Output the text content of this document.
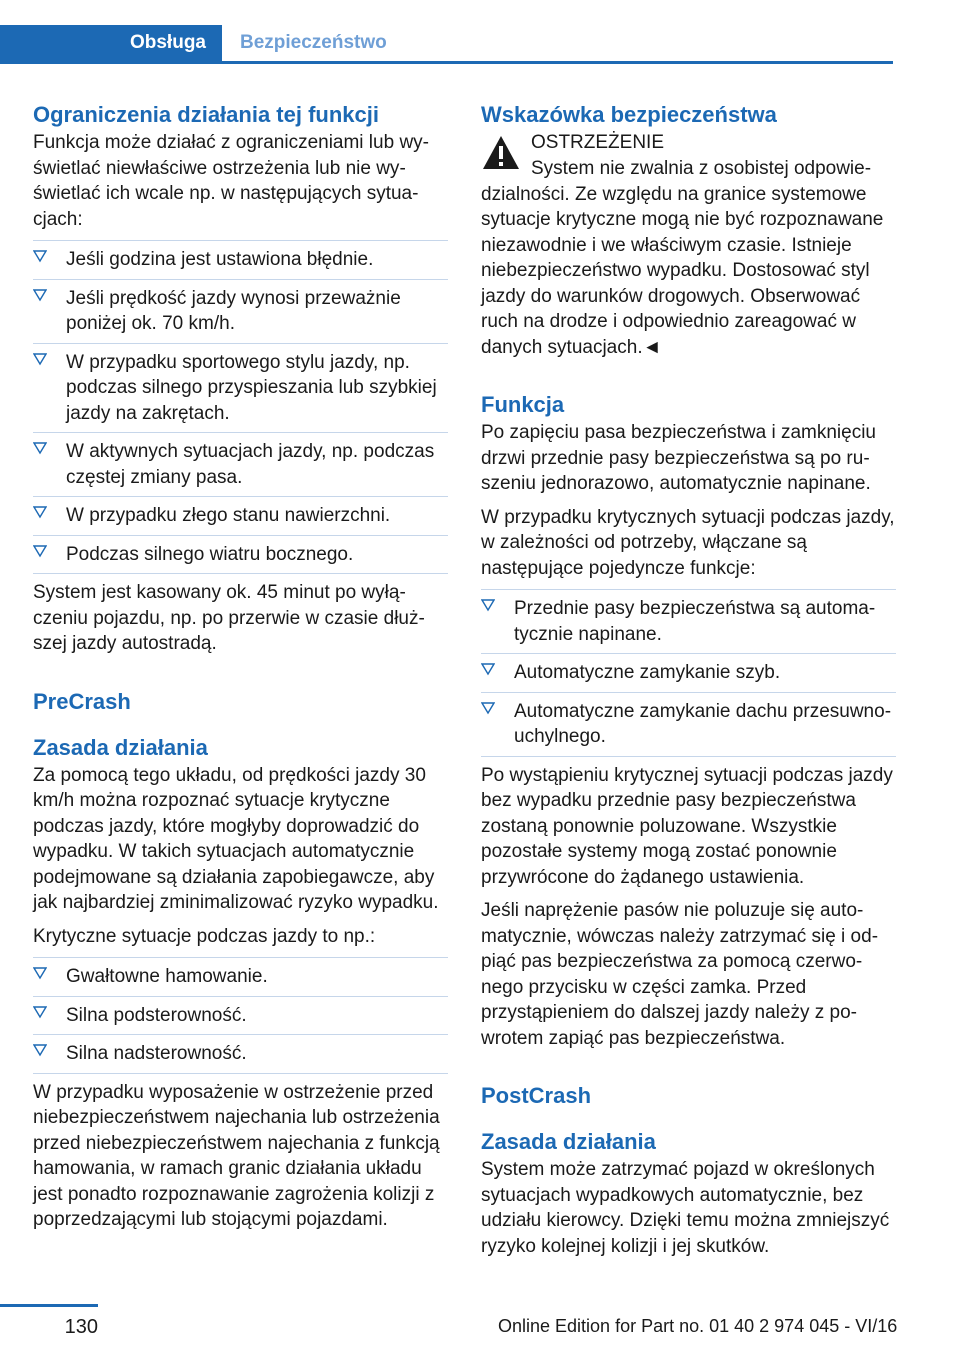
Obsługa	Bezpieczeństwo
Ograniczenia działania tej funkcji

Funkcja może działać z ograniczeniami lub wyświetlać niewłaściwe ostrzeżenia lub nie wyświetlać ich wcale np. w następujących sytuacjach:

Jeśli godzina jest ustawiona błędnie.
Jeśli prędkość jazdy wynosi przeważnie poniżej ok. 70 km/h.
W przypadku sportowego stylu jazdy, np. podczas silnego przyspieszania lub szybkiej jazdy na zakrętach.
W aktywnych sytuacjach jazdy, np. podczas częstej zmiany pasa.
W przypadku złego stanu nawierzchni.
Podczas silnego wiatru bocznego.

System jest kasowany ok. 45 minut po wyłączeniu pojazdu, np. po przerwie w czasie dłuższej jazdy autostradą.

PreCrash
Zasada działania

Za pomocą tego układu, od prędkości jazdy 30 km/h można rozpoznać sytuacje krytyczne podczas jazdy, które mogłyby doprowadzić do wypadku. W takich sytuacjach automatycznie podejmowane są działania zapobiegawcze, aby jak najbardziej zminimalizować ryzyko wypadku.

Krytyczne sytuacje podczas jazdy to np.:

Gwałtowne hamowanie.
Silna podsterowność.
Silna nadsterowność.

W przypadku wyposażenie w ostrzeżenie przed niebezpieczeństwem najechania lub ostrzeżenia przed niebezpieczeństwem najechania z funkcją hamowania, w ramach granic działania układu jest ponadto rozpoznawanie zagrożenia kolizji z poprzedzającymi lub stojącymi pojazdami.

Wskazówka bezpieczeństwa
OSTRZEŻENIE

System nie zwalnia z osobistej odpowiedzialności. Ze względu na granice systemowe sytuacje krytyczne mogą nie być rozpoznawane niezawodnie i we właściwym czasie. Istnieje niebezpieczeństwo wypadku. Dostosować styl jazdy do warunków drogowych. Obserwować ruch na drodze i odpowiednio zareagować w danych sytuacjach.◄

Funkcja

Po zapięciu pasa bezpieczeństwa i zamknięciu drzwi przednie pasy bezpieczeństwa są po ruszeniu jednorazowo, automatycznie napinane.

W przypadku krytycznych sytuacji podczas jazdy, w zależności od potrzeby, włączane są następujące pojedyncze funkcje:

Przednie pasy bezpieczeństwa są automatycznie napinane.
Automatyczne zamykanie szyb.
Automatyczne zamykanie dachu przesuwno-uchylnego.

Po wystąpieniu krytycznej sytuacji podczas jazdy bez wypadku przednie pasy bezpieczeństwa zostaną ponownie poluzowane. Wszystkie pozostałe systemy mogą zostać ponownie przywrócone do żądanego ustawienia.

Jeśli naprężenie pasów nie poluzuje się automatycznie, wówczas należy zatrzymać się i odpiąć pas bezpieczeństwa za pomocą czerwonego przycisku w części zamka. Przed przystąpieniem do dalszej jazdy należy z powrotem zapiąć pas bezpieczeństwa.

PostCrash
Zasada działania

System może zatrzymać pojazd w określonych sytuacjach wypadkowych automatycznie, bez udziału kierowcy. Dzięki temu można zmniejszyć ryzyko kolejnej kolizji i jej skutków.

130	Online Edition for Part no. 01 40 2 974 045 - VI/16
